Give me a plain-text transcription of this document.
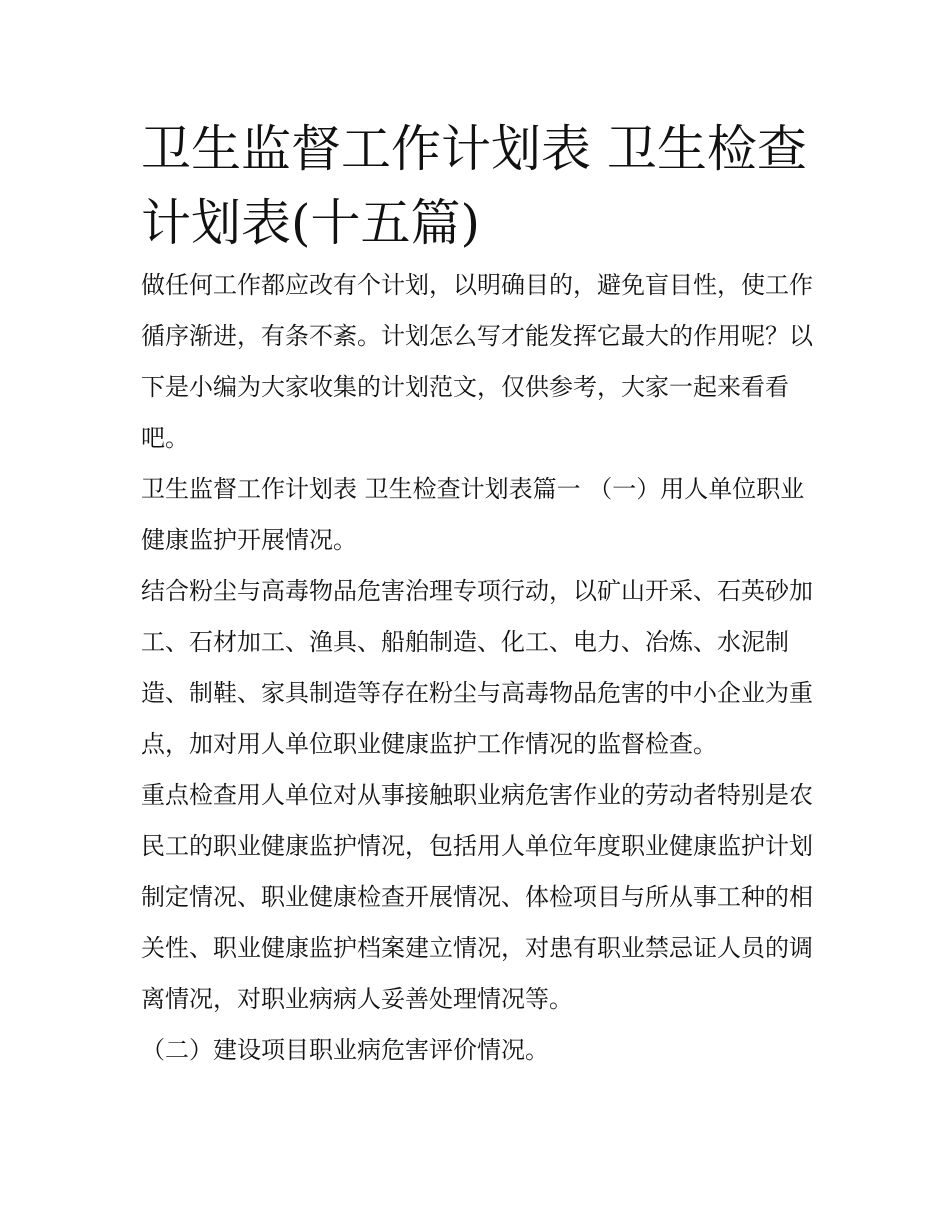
卫生监督工作计划表 卫生检查计划表(十五篇)

做任何工作都应改有个计划，以明确目的，避免盲目性，使工作循序渐进，有条不紊。计划怎么写才能发挥它最大的作用呢？以下是小编为大家收集的计划范文，仅供参考，大家一起来看看吧。

卫生监督工作计划表 卫生检查计划表篇一 （一）用人单位职业健康监护开展情况。

结合粉尘与高毒物品危害治理专项行动，以矿山开采、石英砂加工、石材加工、渔具、船舶制造、化工、电力、冶炼、水泥制造、制鞋、家具制造等存在粉尘与高毒物品危害的中小企业为重点，加对用人单位职业健康监护工作情况的监督检查。

重点检查用人单位对从事接触职业病危害作业的劳动者特别是农民工的职业健康监护情况，包括用人单位年度职业健康监护计划制定情况、职业健康检查开展情况、体检项目与所从事工种的相关性、职业健康监护档案建立情况，对患有职业禁忌证人员的调离情况，对职业病病人妥善处理情况等。

（二）建设项目职业病危害评价情况。
